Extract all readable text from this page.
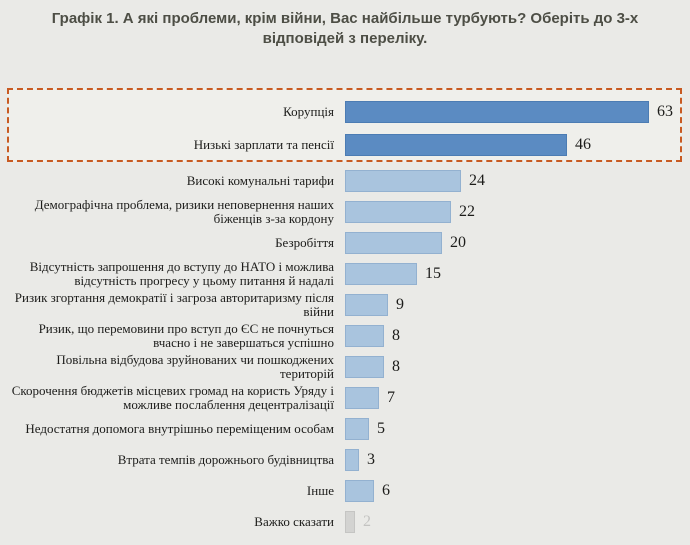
Графік 1. А які проблеми, крім війни, Вас найбільше турбують? Оберіть до 3-х відповідей з переліку.
Корупція	63
Низькі зарплати та пенсії	46
Високі комунальні тарифи	24
Демографічна проблема, ризики неповернення наших біженців з-за кордону	22
Безробіття	20
Відсутність запрошення до вступу до НАТО і можлива відсутність прогресу у цьому питання й надалі	15
Ризик згортання демократії і загроза авторитаризму після війни	9
Ризик, що перемовини про вступ до ЄС не почнуться вчасно і не завершаться успішно	8
Повільна відбудова зруйнованих чи пошкоджених територій	8
Скорочення бюджетів місцевих громад на користь Уряду і можливе послаблення децентралізації	7
Недостатня допомога внутрішньо переміщеним особам	5
Втрата темпів дорожнього будівництва	3
Інше	6
Важко сказати	2
